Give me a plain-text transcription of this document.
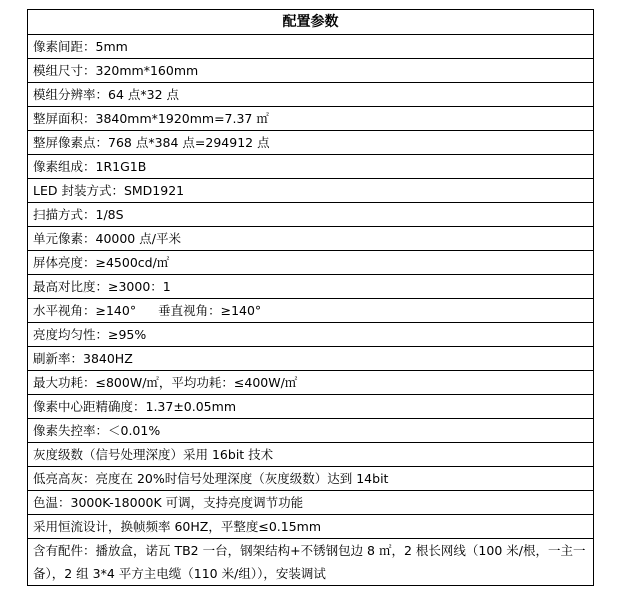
配置参数
像素间距：5mm
模组尺寸：320mm*160mm
模组分辨率：64 点*32 点
整屏面积：3840mm*1920mm=7.37 ㎡
整屏像素点：768 点*384 点=294912 点
像素组成：1R1G1B
LED 封装方式：SMD1921
扫描方式：1/8S
单元像素：40000 点/平米
屏体亮度：≥4500cd/㎡
最高对比度：≥3000：1
水平视角：≥140° 垂直视角：≥140°
亮度均匀性：≥95%
刷新率：3840HZ
最大功耗：≤800W/㎡，平均功耗：≤400W/㎡
像素中心距精确度：1.37±0.05mm
像素失控率：＜0.01%
灰度级数（信号处理深度）采用 16bit 技术
低亮高灰：亮度在 20%时信号处理深度（灰度级数）达到 14bit
色温：3000K-18000K 可调，支持亮度调节功能
采用恒流设计，换帧频率 60HZ，平整度≤0.15mm
含有配件：播放盒，诺瓦 TB2 一台，钢架结构+不锈钢包边 8 ㎡，2 根长网线（100 米/根，一主一备），2 组 3*4 平方主电缆（110 米/组）），安装调试
